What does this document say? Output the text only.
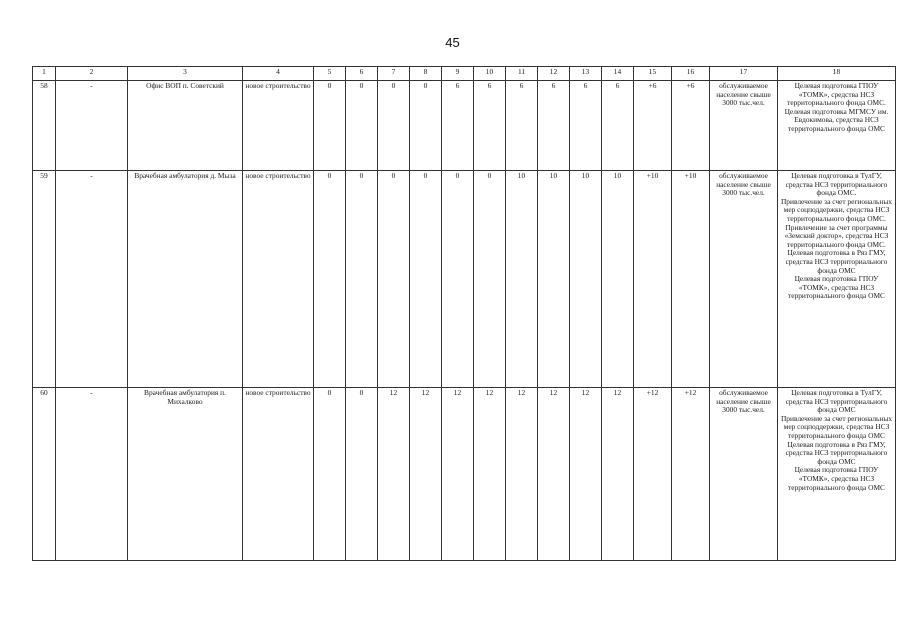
45
1	2	3	4	5	6	7	8	9	10	11	12	13	14	15	16	17	18
58	-	Офис ВОП п. Советский	новое строительство	0	0	0	0	6	6	6	6	6	6	+6	+6	обслуживаемое население свыше 3000 тыс.чел.	Целевая подготовка ГПОУ «ТОМК», средства НСЗ территориального фонда ОМС.

Целевая подготовка МГМСУ им. Евдокимова, средства НСЗ территориального фонда ОМС

59	-	Врачебная амбулатория д. Мыза	новое строительство	0	0	0	0	0	0	10	10	10	10	+10	+10	обслуживаемое население свыше 3000 тыс.чел.	Целевая подготовка в ТулГУ, средства НСЗ территориального фонда ОМС.

Привлечение за счет региональных мер соцподдержки, средства НСЗ территориального фонда ОМС.

Привлечение за счет программы «Земский доктор», средства НСЗ территориального фонда ОМС.

Целевая подготовка в Ряз ГМУ, средства НСЗ территориального фонда ОМС

Целевая подготовка ГПОУ «ТОМК», средства НСЗ территориального фонда ОМС

60	-	Врачебная амбулатория п. Михалково	новое строительство	0	0	12	12	12	12	12	12	12	12	+12	+12	обслуживаемое население свыше 3000 тыс.чел.	Целевая подготовка в ТулГУ, средства НСЗ территориального фонда ОМС

Привлечение за счет региональных мер соцподдержки, средства НСЗ территориального фонда ОМС

Целевая подготовка в Ряз ГМУ, средства НСЗ территориального фонда ОМС

Целевая подготовка ГПОУ «ТОМК», средства НСЗ территориального фонда ОМС
